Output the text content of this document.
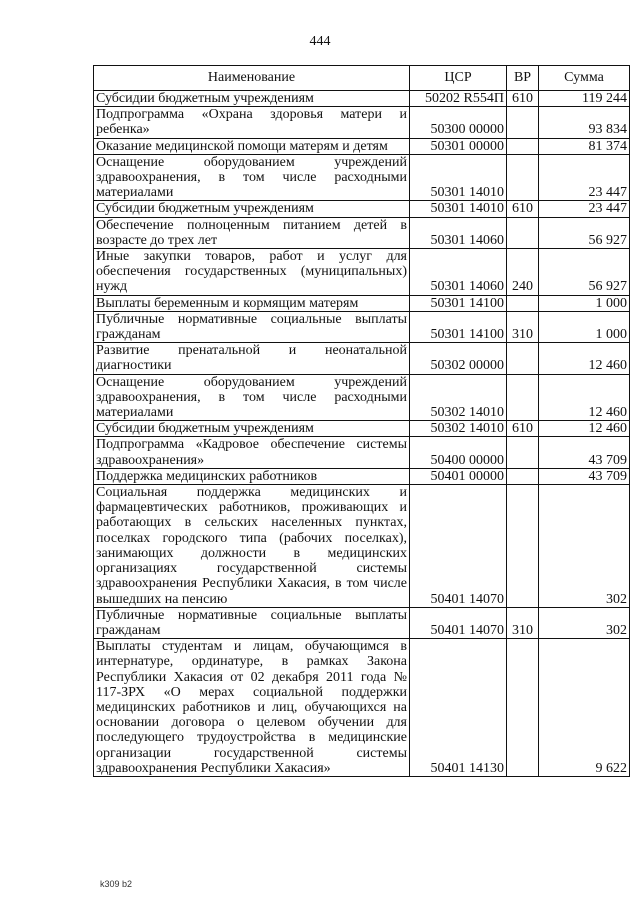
444
Наименование	ЦСР	ВР	Сумма
Субсидии бюджетным учреждениям	50202 R554П	610	119 244
Подпрограмма «Охрана здоровья матери и ребенка»	50300 00000		93 834
Оказание медицинской помощи матерям и детям	50301 00000		81 374
Оснащение оборудованием учреждений здравоохранения, в том числе расходными материалами	50301 14010		23 447
Субсидии бюджетным учреждениям	50301 14010	610	23 447
Обеспечение полноценным питанием детей в возрасте до трех лет	50301 14060		56 927
Иные закупки товаров, работ и услуг для обеспечения государственных (муниципальных) нужд	50301 14060	240	56 927
Выплаты беременным и кормящим матерям	50301 14100		1 000
Публичные нормативные социальные выплаты гражданам	50301 14100	310	1 000
Развитие пренатальной и неонатальной диагностики	50302 00000		12 460
Оснащение оборудованием учреждений здравоохранения, в том числе расходными материалами	50302 14010		12 460
Субсидии бюджетным учреждениям	50302 14010	610	12 460
Подпрограмма «Кадровое обеспечение системы здравоохранения»	50400 00000		43 709
Поддержка медицинских работников	50401 00000		43 709
Социальная поддержка медицинских и фармацевтических работников, проживающих и работающих в сельских населенных пунктах, поселках городского типа (рабочих поселках), занимающих должности в медицинских организациях государственной системы здравоохранения Республики Хакасия, в том числе вышедших на пенсию	50401 14070		302
Публичные нормативные социальные выплаты гражданам	50401 14070	310	302
Выплаты студентам и лицам, обучающимся в интернатуре, ординатуре, в рамках Закона Республики Хакасия от 02 декабря 2011 года № 117-ЗРХ «О мерах социальной поддержки медицинских работников и лиц, обучающихся на основании договора о целевом обучении для последующего трудоустройства в медицинские организации государственной системы здравоохранения Республики Хакасия»	50401 14130		9 622
k309 b2
